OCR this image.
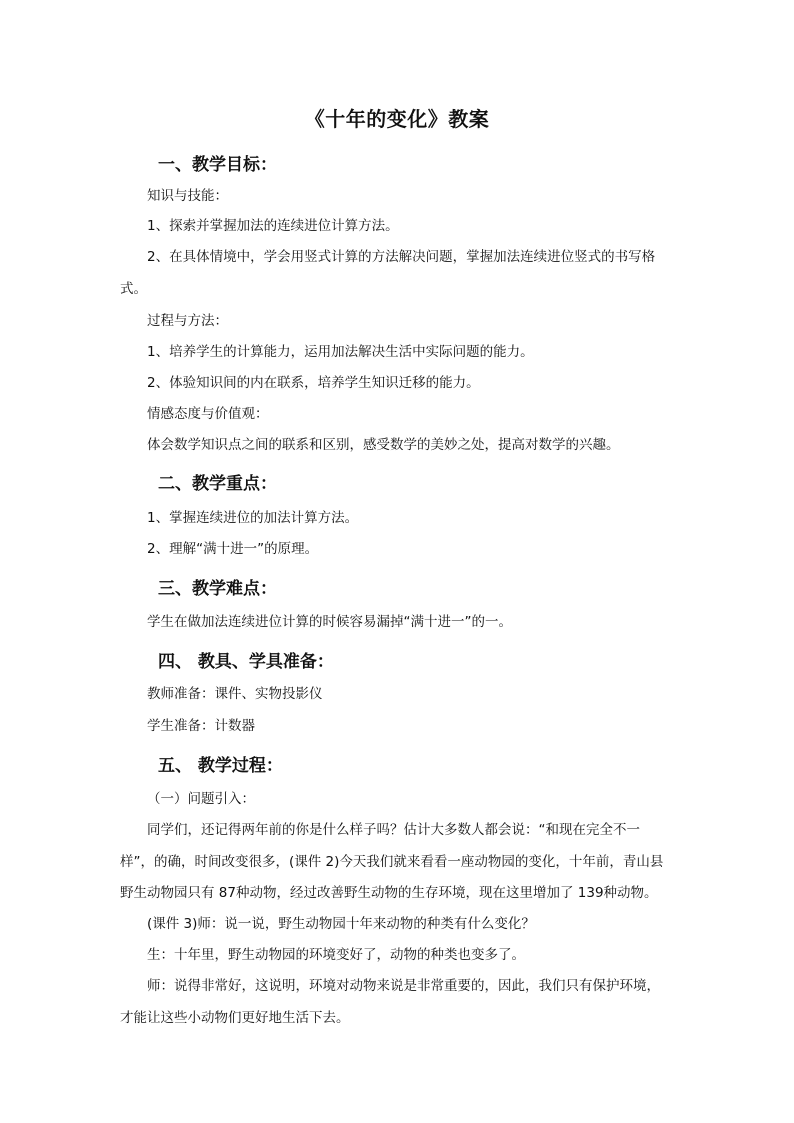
《十年的变化》教案
一、教学目标：
知识与技能：
1、探索并掌握加法的连续进位计算方法。
2、在具体情境中，学会用竖式计算的方法解决问题，掌握加法连续进位竖式的书写格
式。
过程与方法：
1、培养学生的计算能力，运用加法解决生活中实际问题的能力。
2、体验知识间的内在联系，培养学生知识迁移的能力。
情感态度与价值观：
体会数学知识点之间的联系和区别，感受数学的美妙之处，提高对数学的兴趣。
二、教学重点：
1、掌握连续进位的加法计算方法。
2、理解“满十进一”的原理。
三、教学难点：
学生在做加法连续进位计算的时候容易漏掉“满十进一”的一。
四、 教具、学具准备：
教师准备：课件、实物投影仪
学生准备：计数器
五、 教学过程：
（一）问题引入：
同学们，还记得两年前的你是什么样子吗？估计大多数人都会说：“和现在完全不一
样”，的确，时间改变很多，(课件 2)今天我们就来看看一座动物园的变化，十年前，青山县
野生动物园只有 87种动物，经过改善野生动物的生存环境，现在这里增加了 139种动物。
(课件 3)师：说一说，野生动物园十年来动物的种类有什么变化？
生：十年里，野生动物园的环境变好了，动物的种类也变多了。
师：说得非常好，这说明，环境对动物来说是非常重要的，因此，我们只有保护环境，
才能让这些小动物们更好地生活下去。
